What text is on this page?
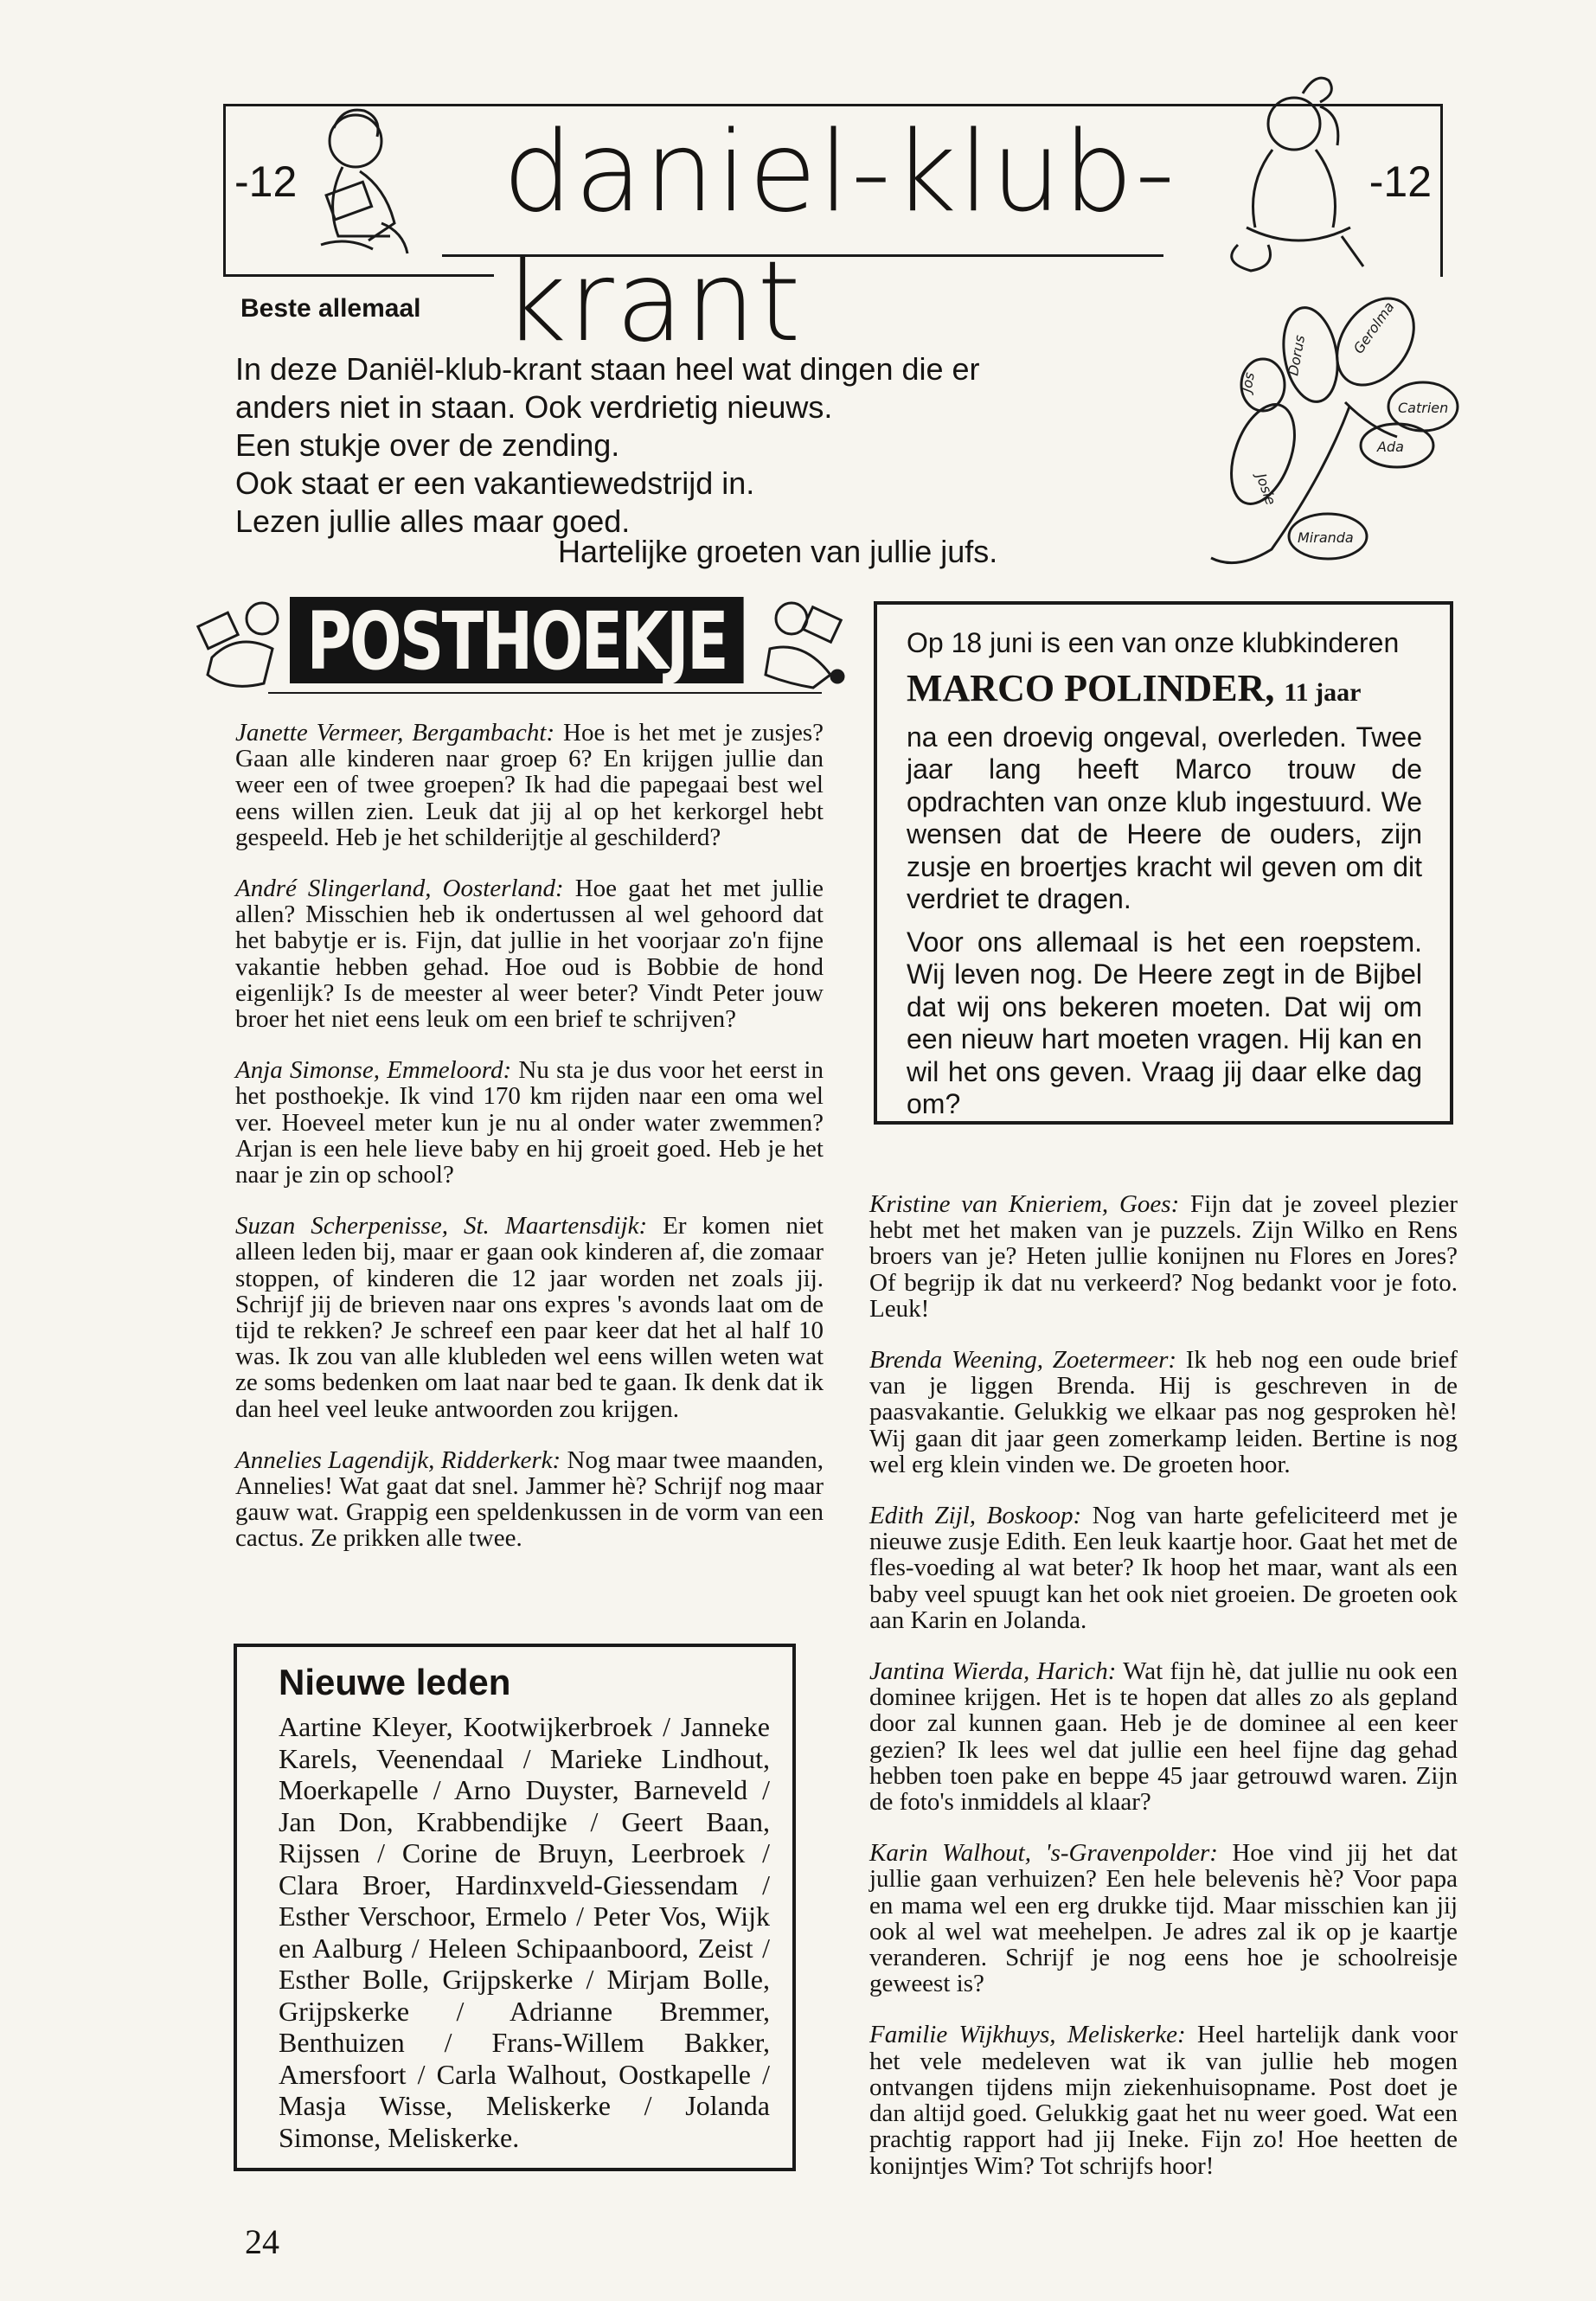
-12 daniel-klub-krant
-12
Beste allemaal

In deze Daniël-klub-krant staan heel wat dingen die er

anders niet in staan. Ook verdrietig nieuws.

Een stukje over de zending.

Ook staat er een vakantiewedstrijd in.

Lezen jullie alles maar goed.

Hartelijke groeten van jullie jufs.
Dorus	Gerolma
Jos
Catrien
Ada
Josie
Miranda
POSTHOEKJE

Janette Vermeer, Bergambacht: Hoe is het met je zusjes? Gaan alle kinderen naar groep 6? En krijgen jullie dan weer een of twee groepen? Ik had die papegaai best wel eens willen zien. Leuk dat jij al op het kerkorgel hebt gespeeld. Heb je het schilderijtje al geschilderd?

André Slingerland, Oosterland: Hoe gaat het met jullie allen? Misschien heb ik ondertussen al wel gehoord dat het babytje er is. Fijn, dat jullie in het voorjaar zo'n fijne vakantie hebben gehad. Hoe oud is Bobbie de hond eigenlijk? Is de meester al weer beter? Vindt Peter jouw broer het niet eens leuk om een brief te schrijven?

Anja Simonse, Emmeloord: Nu sta je dus voor het eerst in het posthoekje. Ik vind 170 km rijden naar een oma wel ver. Hoeveel meter kun je nu al onder water zwemmen? Arjan is een hele lieve baby en hij groeit goed. Heb je het naar je zin op school?

Suzan Scherpenisse, St. Maartensdijk: Er komen niet alleen leden bij, maar er gaan ook kinderen af, die zomaar stoppen, of kinderen die 12 jaar worden net zoals jij. Schrijf jij de brieven naar ons expres 's avonds laat om de tijd te rekken? Je schreef een paar keer dat het al half 10 was. Ik zou van alle klubleden wel eens willen weten wat ze soms bedenken om laat naar bed te gaan. Ik denk dat ik dan heel veel leuke antwoorden zou krijgen.

Annelies Lagendijk, Ridderkerk: Nog maar twee maanden, Annelies! Wat gaat dat snel. Jammer hè? Schrijf nog maar gauw wat. Grappig een speldenkussen in de vorm van een cactus. Ze prikken alle twee.

Op 18 juni is een van onze klubkinderen

MARCO POLINDER, 11 jaar

na een droevig ongeval, overleden. Twee jaar lang heeft Marco trouw de opdrachten van onze klub ingestuurd. We wensen dat de Heere de ouders, zijn zusje en broertjes kracht wil geven om dit verdriet te dragen.

Voor ons allemaal is het een roepstem. Wij leven nog. De Heere zegt in de Bijbel dat wij ons bekeren moeten. Dat wij om een nieuw hart moeten vragen. Hij kan en wil het ons geven. Vraag jij daar elke dag om?

Kristine van Knieriem, Goes: Fijn dat je zoveel plezier hebt met het maken van je puzzels. Zijn Wilko en Rens broers van je? Heten jullie konijnen nu Flores en Jores? Of begrijp ik dat nu verkeerd? Nog bedankt voor je foto. Leuk!

Brenda Weening, Zoetermeer: Ik heb nog een oude brief van je liggen Brenda. Hij is geschreven in de paasvakantie. Gelukkig we elkaar pas nog gesproken hè! Wij gaan dit jaar geen zomerkamp leiden. Bertine is nog wel erg klein vinden we. De groeten hoor.

Edith Zijl, Boskoop: Nog van harte gefeliciteerd met je nieuwe zusje Edith. Een leuk kaartje hoor. Gaat het met de fles-voeding al wat beter? Ik hoop het maar, want als een baby veel spuugt kan het ook niet groeien. De groeten ook aan Karin en Jolanda.

Jantina Wierda, Harich: Wat fijn hè, dat jullie nu ook een dominee krijgen. Het is te hopen dat alles zo als gepland door zal kunnen gaan. Heb je de dominee al een keer gezien? Ik lees wel dat jullie een heel fijne dag gehad hebben toen pake en beppe 45 jaar getrouwd waren. Zijn de foto's inmiddels al klaar?

Karin Walhout, 's-Gravenpolder: Hoe vind jij het dat jullie gaan verhuizen? Een hele belevenis hè? Voor papa en mama wel een erg drukke tijd. Maar misschien kan jij ook al wel wat meehelpen. Je adres zal ik op je kaartje veranderen. Schrijf je nog eens hoe je schoolreisje geweest is?

Familie Wijkhuys, Meliskerke: Heel hartelijk dank voor het vele medeleven wat ik van jullie heb mogen ontvangen tijdens mijn ziekenhuisopname. Post doet je dan altijd goed. Gelukkig gaat het nu weer goed. Wat een prachtig rapport had jij Ineke. Fijn zo! Hoe heetten de konijntjes Wim? Tot schrijfs hoor!

Nieuwe leden
Aartine Kleyer, Kootwijkerbroek / Janneke Karels, Veenendaal / Marieke Lindhout, Moerkapelle / Arno Duyster, Barneveld / Jan Don, Krabbendijke / Geert Baan, Rijssen / Corine de Bruyn, Leerbroek / Clara Broer, Hardinxveld-Giessendam / Esther Verschoor, Ermelo / Peter Vos, Wijk en Aalburg / Heleen Schipaanboord, Zeist / Esther Bolle, Grijpskerke / Mirjam Bolle, Grijpskerke / Adrianne Bremmer, Benthuizen / Frans-Willem Bakker, Amersfoort / Carla Walhout, Oostkapelle / Masja Wisse, Meliskerke / Jolanda Simonse, Meliskerke.
24
